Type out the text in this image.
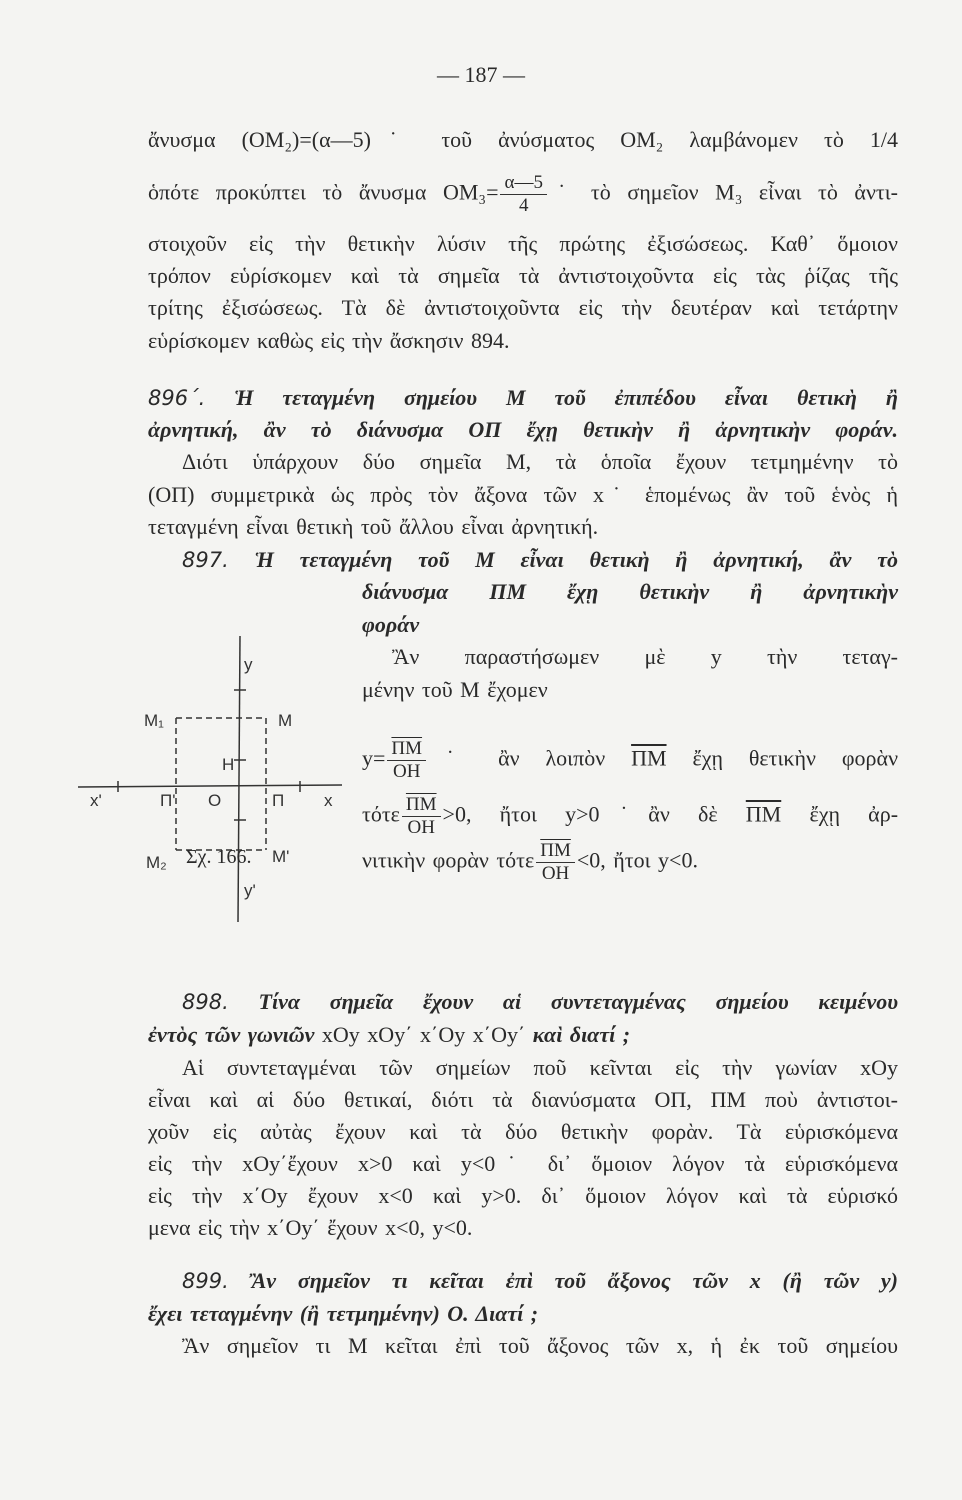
— 187 —
ἄνυσμα (ΟΜ₂)=(α—5)˙ τοῦ ἀνύσματος ΟΜ₂ λαμβάνομεν τὸ 1/4
ὁπότε προκύπτει τὸ ἄνυσμα $OM_3= \frac{\alpha—5}{4}$ ˙ τὸ σημεῖον Μ₃ εἶναι τὸ ἀντι-
στοιχοῦν εἰς τὴν θετικὴν λύσιν τῆς πρώτης ἐξισώσεως. Καθ᾽ ὅμοιον
τρόπον εὑρίσκομεν καὶ τὰ σημεῖα τὰ ἀντιστοιχοῦντα εἰς τὰς ῥίζας τῆς
τρίτης ἐξισώσεως. Τὰ δὲ ἀντιστοιχοῦντα εἰς τὴν δευτέραν καὶ τετάρτην
εὑρίσκομεν καθὼς εἰς τὴν ἄσκησιν 894.
896΄. Ἡ τεταγμένη σημείου Μ τοῦ ἐπιπέδου εἶναι θετικὴ ἢ
ἀρνητική, ἂν τὸ διάνυσμα ΟΠ ἔχῃ θετικὴν ἢ ἀρνητικὴν φοράν.
Διότι ὑπάρχουν δύο σημεῖα Μ, τὰ ὁποῖα ἔχουν τετμημένην τὸ
(ΟΠ) συμμετρικὰ ὡς πρὸς τὸν ἄξονα τῶν x˙ ἑπομένως ἂν τοῦ ἑνὸς ἡ
τεταγμένη εἶναι θετικὴ τοῦ ἄλλου εἶναι ἀρνητική.
897. Ἡ τεταγμένη τοῦ Μ εἶναι θετικὴ ἢ ἀρνητική, ἂν τὸ
διάνυσμα ΠΜ ἔχῃ θετικὴν ἢ ἀρνητικὴν
φοράν
Ἂν παραστήσωμεν μὲ y τὴν τεταγ-
μένην τοῦ Μ ἔχομεν
$y= \frac{\overline{\Pi M}}{OH}$ ˙ ἂν λοιπὸν $\overline{\Pi M}$ ἔχῃ θετικὴν φορὰν
τότε $\frac{\overline{\Pi M}}{OH} >0$, ἤτοι y>0˙ἂν δὲ $\overline{\Pi M}$ ἔχῃ ἀρ-
νιτικὴν φορὰν τότε $\frac{\overline{\Pi M}}{OH} <0$, ἤτοι y<0.
y
M₁	M
H
x'	Π' O	Π x
M₂	M'
y'
Σχ. 166.
898. Τίνα σημεῖα ἔχουν αἱ συντεταγμένας σημείου κειμένου
ἐντὸς τῶν γωνιῶν xOy xOy΄ x΄Oy x΄Oy΄ καὶ διατί ;
Αἱ συντεταγμέναι τῶν σημείων ποῦ κεῖνται εἰς τὴν γωνίαν xOy
εἶναι καὶ αἱ δύο θετικαί, διότι τὰ διανύσματα ΟΠ, ΠΜ ποὺ ἀντιστοι-
χοῦν εἰς αὐτὰς ἔχουν καὶ τὰ δύο θετικὴν φορὰν. Τὰ εὑρισκόμενα
εἰς τὴν xOy΄ἔχουν x>0 καὶ y<0˙ δι᾽ ὅμοιον λόγον τὰ εὑρισκόμενα
εἰς τὴν x΄Oy ἔχουν x<0 καὶ y>0. δι᾽ ὅμοιον λόγον καὶ τὰ εὑρισκό
μενα εἰς τὴν x΄Oy΄ ἔχουν x<0, y<0.
899. Ἂν σημεῖον τι κεῖται ἐπὶ τοῦ ἄξονος τῶν x (ἢ τῶν y)
ἔχει τεταγμένην (ἢ τετμημένην) Ο. Διατί ;
Ἂν σημεῖον τι Μ κεῖται ἐπὶ τοῦ ἄξονος τῶν x, ἡ ἐκ τοῦ σημείου
